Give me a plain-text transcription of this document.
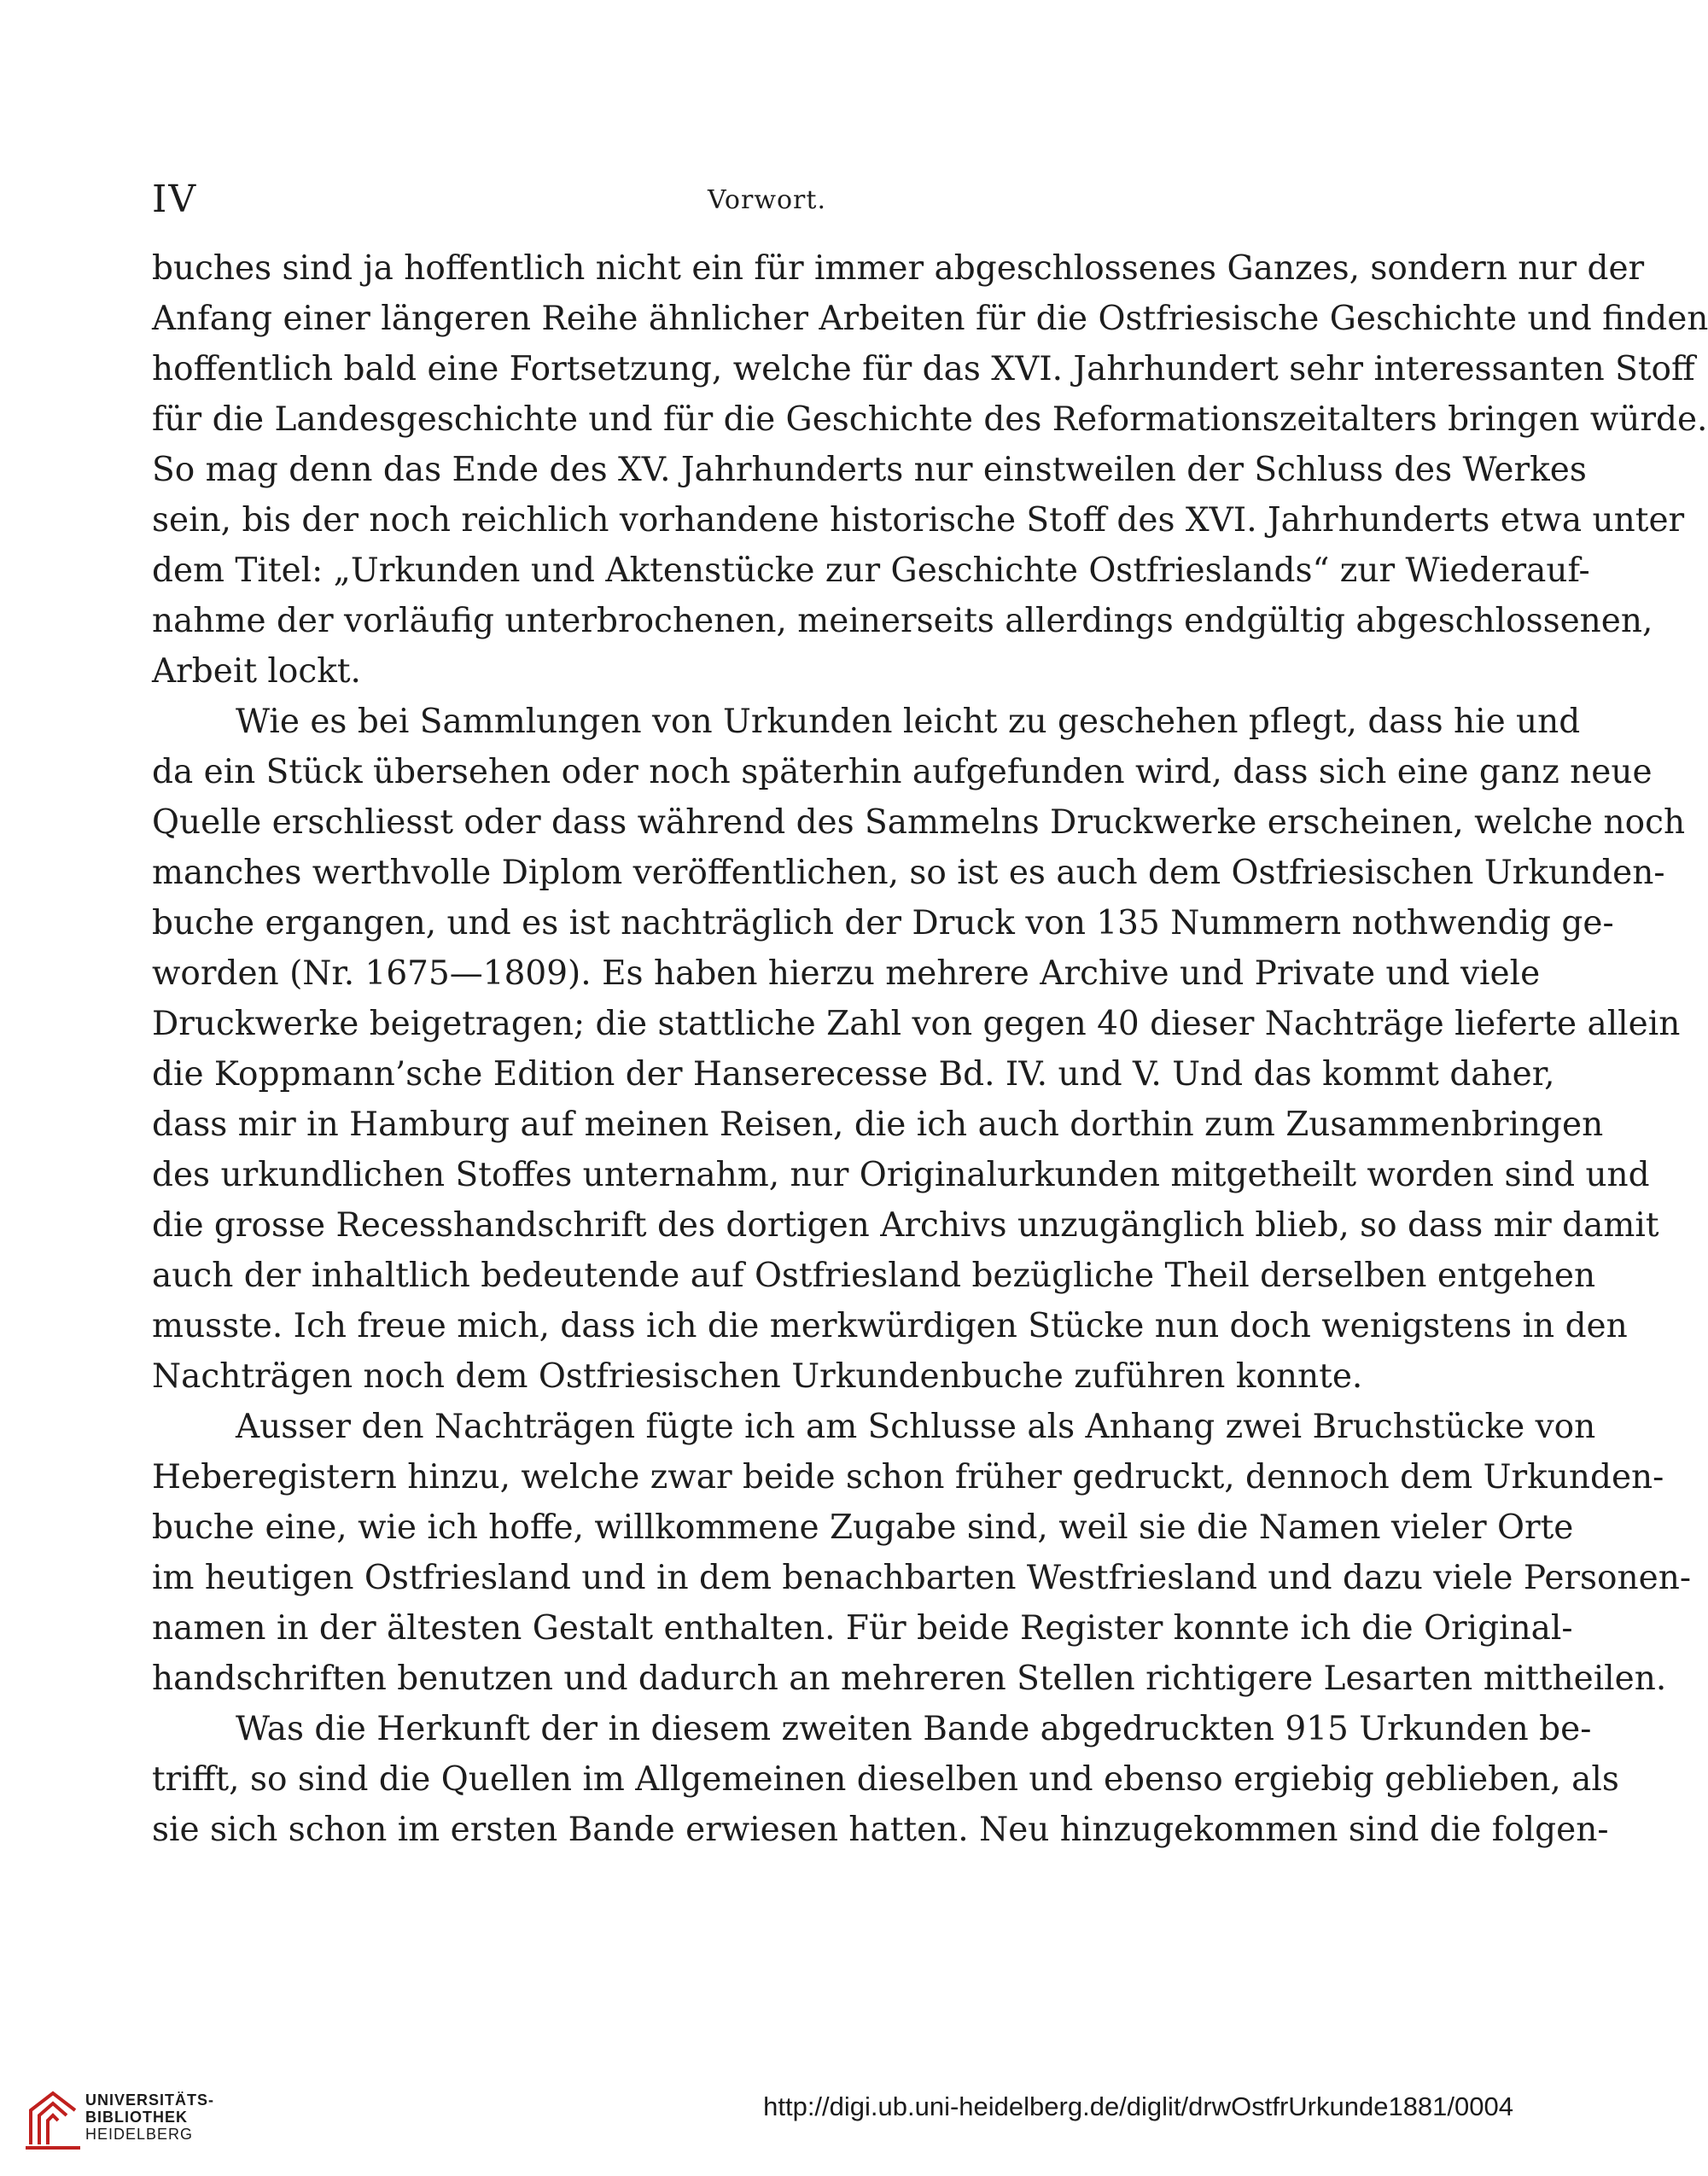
IV	Vorwort.
buches sind ja hoffentlich nicht ein für immer abgeschlossenes Ganzes, sondern nur der
Anfang einer längeren Reihe ähnlicher Arbeiten für die Ostfriesische Geschichte und finden
hoffentlich bald eine Fortsetzung, welche für das XVI. Jahrhundert sehr interessanten Stoff
für die Landesgeschichte und für die Geschichte des Reformationszeitalters bringen würde.
So mag denn das Ende des XV. Jahrhunderts nur einstweilen der Schluss des Werkes
sein, bis der noch reichlich vorhandene historische Stoff des XVI. Jahrhunderts etwa unter
dem Titel: „Urkunden und Aktenstücke zur Geschichte Ostfrieslands“ zur Wiederauf-
nahme der vorläufig unterbrochenen, meinerseits allerdings endgültig abgeschlossenen,
Arbeit lockt.
Wie es bei Sammlungen von Urkunden leicht zu geschehen pflegt, dass hie und
da ein Stück übersehen oder noch späterhin aufgefunden wird, dass sich eine ganz neue
Quelle erschliesst oder dass während des Sammelns Druckwerke erscheinen, welche noch
manches werthvolle Diplom veröffentlichen, so ist es auch dem Ostfriesischen Urkunden-
buche ergangen, und es ist nachträglich der Druck von 135 Nummern nothwendig ge-
worden (Nr. 1675—1809). Es haben hierzu mehrere Archive und Private und viele
Druckwerke beigetragen; die stattliche Zahl von gegen 40 dieser Nachträge lieferte allein
die Koppmann’sche Edition der Hanserecesse Bd. IV. und V. Und das kommt daher,
dass mir in Hamburg auf meinen Reisen, die ich auch dorthin zum Zusammenbringen
des urkundlichen Stoffes unternahm, nur Originalurkunden mitgetheilt worden sind und
die grosse Recesshandschrift des dortigen Archivs unzugänglich blieb, so dass mir damit
auch der inhaltlich bedeutende auf Ostfriesland bezügliche Theil derselben entgehen
musste. Ich freue mich, dass ich die merkwürdigen Stücke nun doch wenigstens in den
Nachträgen noch dem Ostfriesischen Urkundenbuche zuführen konnte.
Ausser den Nachträgen fügte ich am Schlusse als Anhang zwei Bruchstücke von
Heberegistern hinzu, welche zwar beide schon früher gedruckt, dennoch dem Urkunden-
buche eine, wie ich hoffe, willkommene Zugabe sind, weil sie die Namen vieler Orte
im heutigen Ostfriesland und in dem benachbarten Westfriesland und dazu viele Personen-
namen in der ältesten Gestalt enthalten. Für beide Register konnte ich die Original-
handschriften benutzen und dadurch an mehreren Stellen richtigere Lesarten mittheilen.
Was die Herkunft der in diesem zweiten Bande abgedruckten 915 Urkunden be-
trifft, so sind die Quellen im Allgemeinen dieselben und ebenso ergiebig geblieben, als
sie sich schon im ersten Bande erwiesen hatten. Neu hinzugekommen sind die folgen-
UNIVERSITÄTS-
BIBLIOTHEK
HEIDELBERG
http://digi.ub.uni-heidelberg.de/diglit/drwOstfrUrkunde1881/0004
